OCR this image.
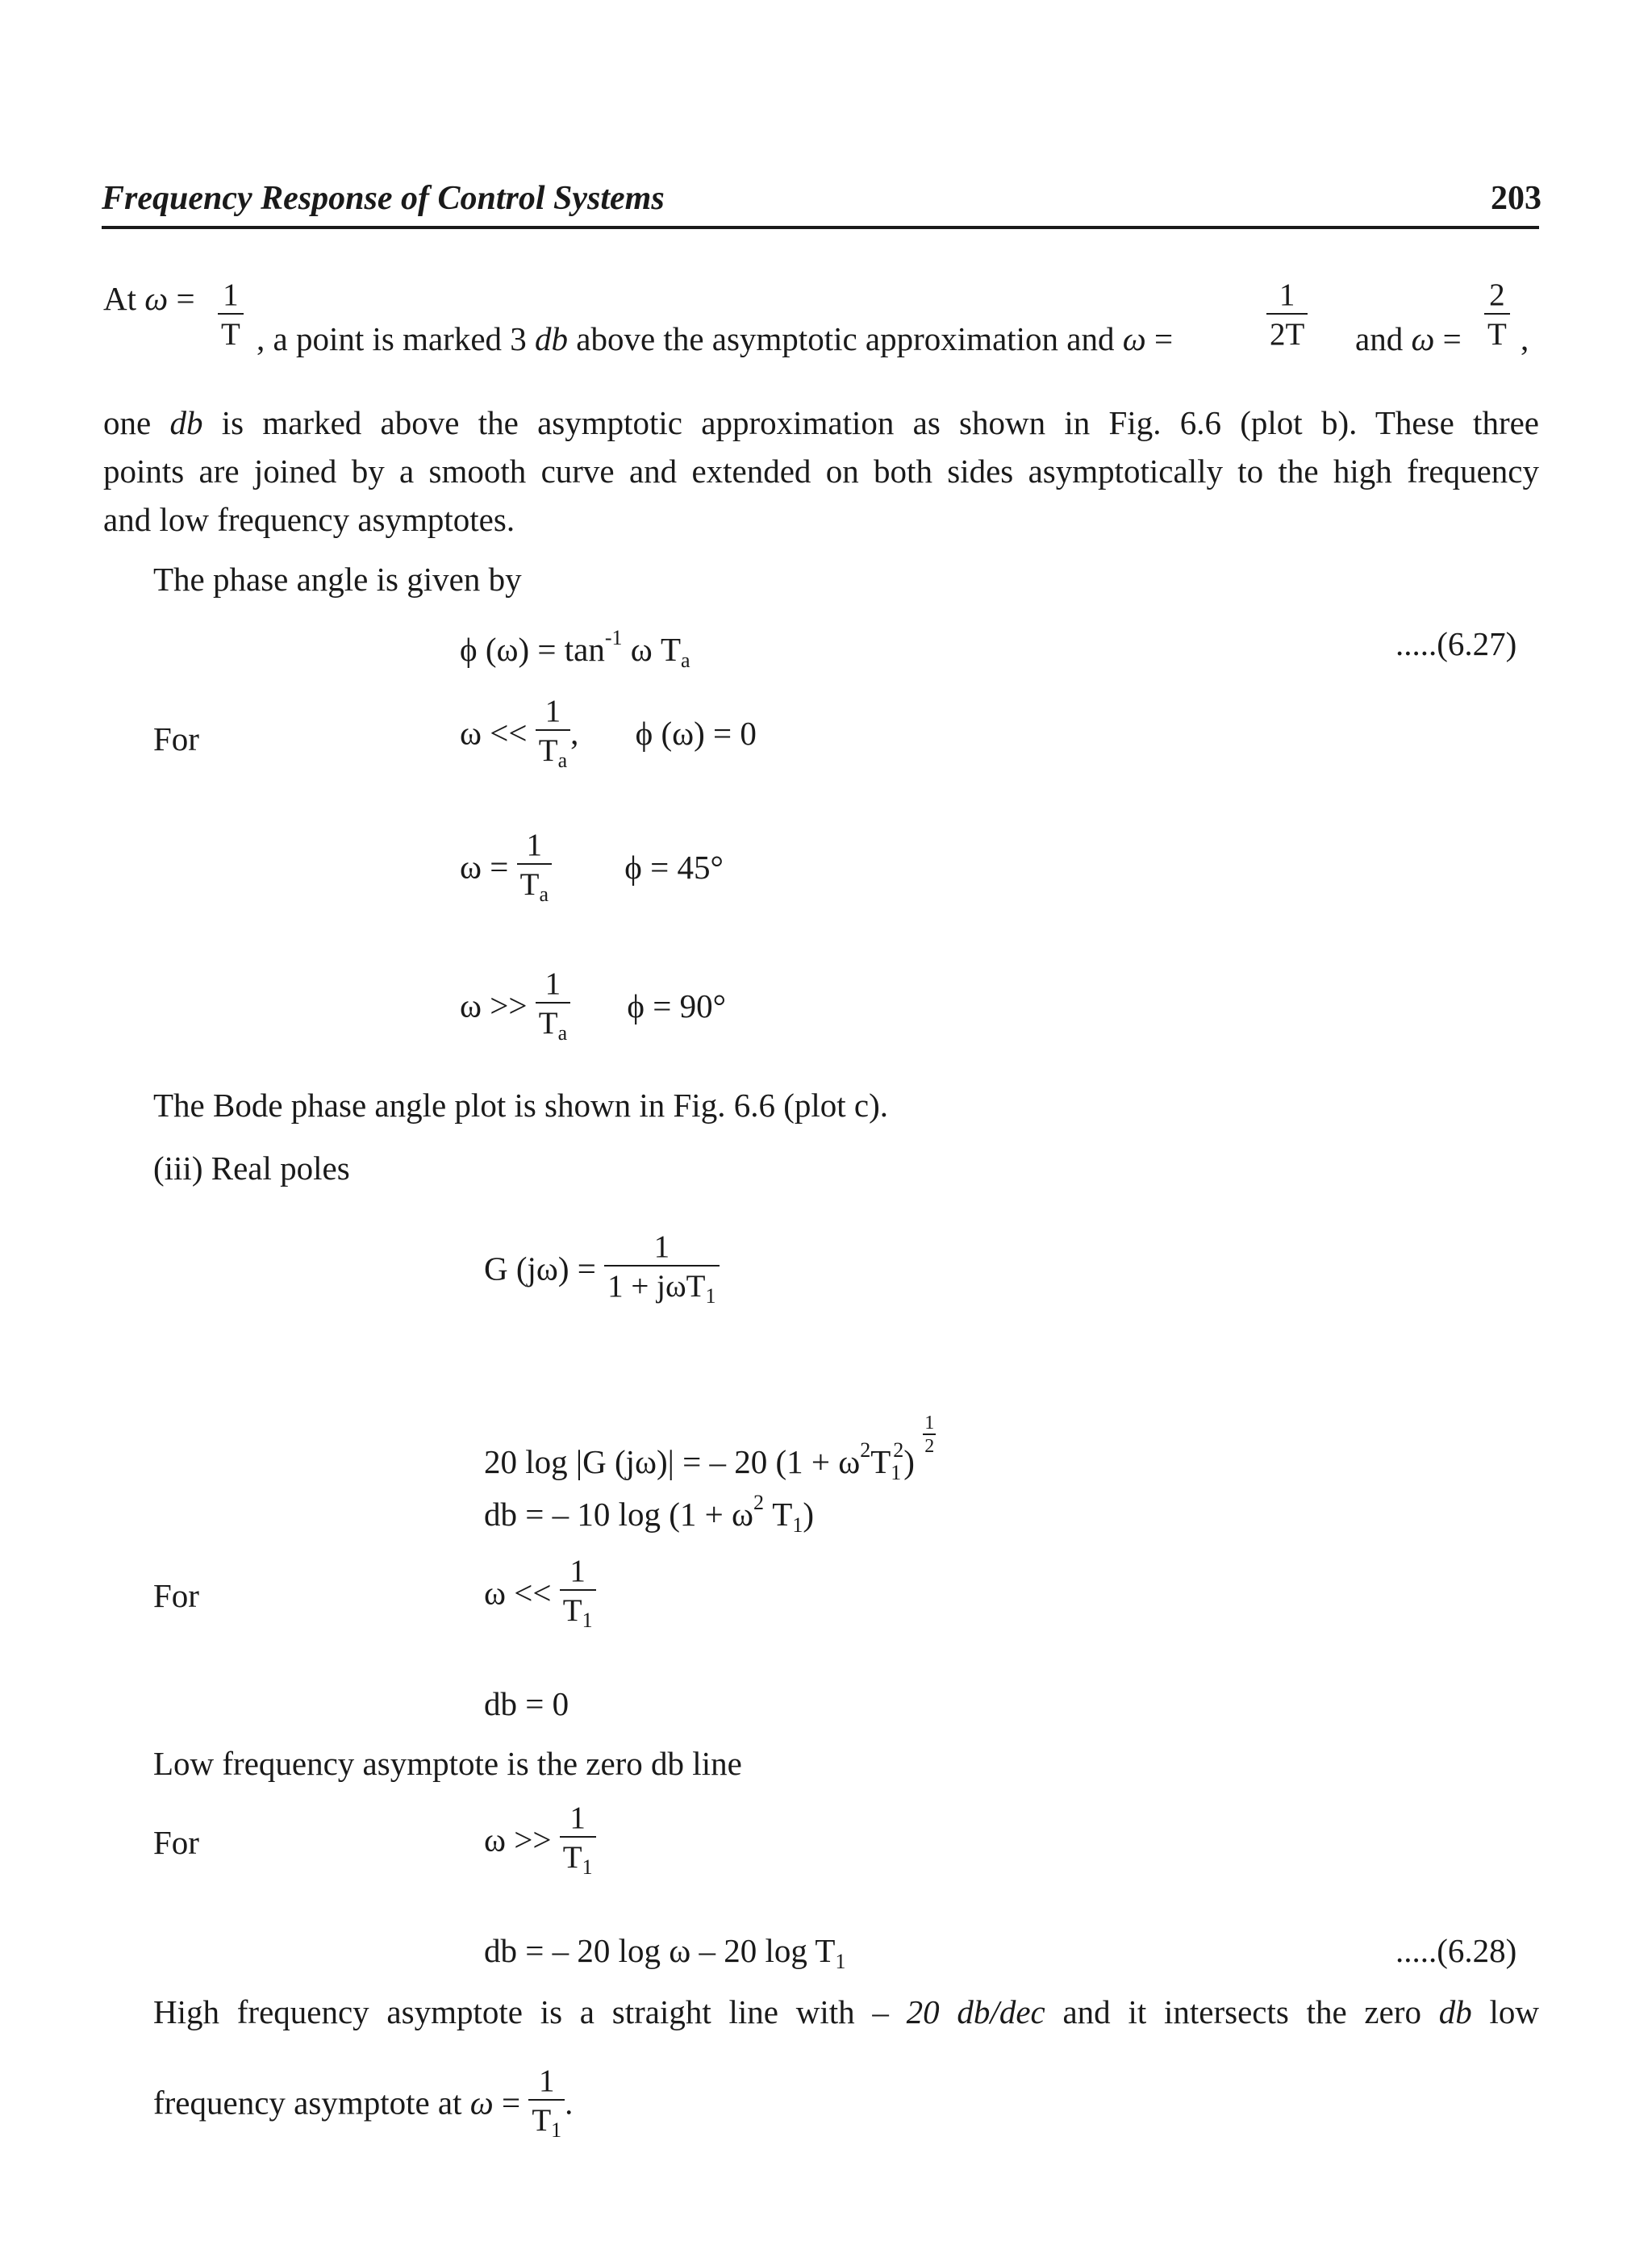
Frequency Response of Control Systems	203
At $\omega = \frac{1}{T}$ , a point is marked 3 db above the asymptotic approximation and ω =	$\frac{1}{2T}$ and $\omega = \frac{2}{T}$ ,
one db is marked above the asymptotic approximation as shown in Fig. 6.6 (plot b). These three
points are joined by a smooth curve and extended on both sides asymptotically to the high frequency
and low frequency asymptotes.
The phase angle is given by
ϕ $(\omega) = \tan^{-1} \omega$ $T_a$	.....(6.27)
For	$\omega << \frac{1}{T_a}$ , ϕ (ω) = 0
$\omega = \frac{1}{T_a}$ ϕ = 45°
$\omega >> \frac{1}{T_a}$ ϕ = 90°
The Bode phase angle plot is shown in Fig. 6.6 (plot c).
(iii) Real poles
G $(j\omega) = \frac{1}{1 + j\omega T_1}$
20 log |G (jω)| = – 20 $(1 + \omega^2T_1^2)$
$\frac{1}{2}$
db = – 10 $\log (1 + \omega^2$ $T_1$)
For	$\omega << \frac{1}{T_1}$
db = 0
Low frequency asymptote is the zero db line
For	$\omega >> \frac{1}{T_1}$
db = – 20 log ω – 20 $\log T_1$	.....(6.28)
High frequency asymptote is a straight line with – 20 db/dec and it intersects the zero db low
frequency asymptote at $\omega = \frac{1}{T_1}$ .
